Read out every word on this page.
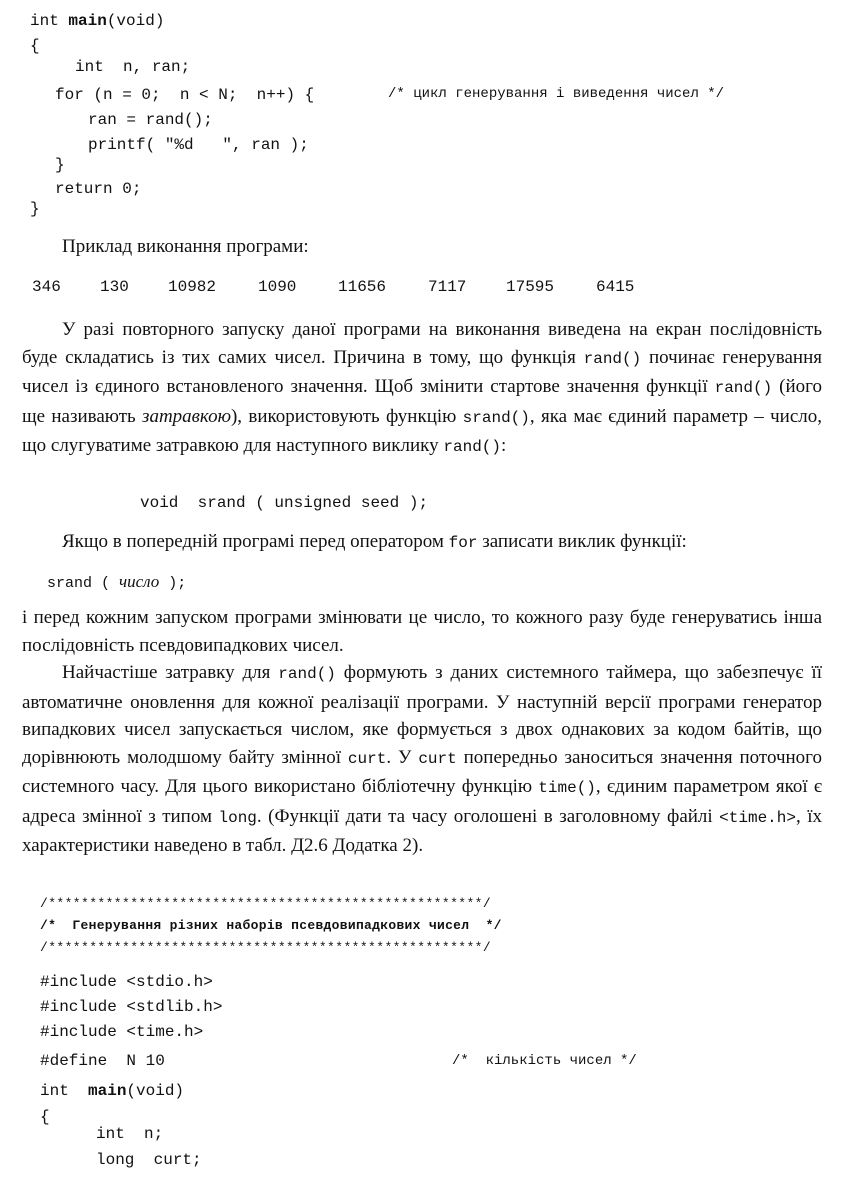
int main(void)
{
int  n, ran;
for (n = 0;  n < N;  n++) {	/* цикл генерування і виведення чисел */
ran = rand();
printf( "%d   ", ran );
}
return 0;
}
Приклад виконання програми:

346

130

10982

	1090

	11656

	7117

17595

	6415

У разі повторного запуску даної програми на виконання виведена на екран послідовність буде складатись із тих самих чисел. Причина в тому, що функція rand() починає генерування чисел із єдиного встановленого значення. Щоб змінити стартове значення функції rand() (його ще називають затравкою), використовують функцію srand(), яка має єдиний параметр – число, що слугуватиме затравкою для наступного виклику rand():
void  srand ( unsigned seed );
Якщо в попередній програмі перед оператором for записати виклик функції:
srand ( число );
і перед кожним запуском програми змінювати це число, то кожного разу буде генеруватись інша послідовність псевдовипадкових чисел.
Найчастіше затравку для rand() формують з даних системного таймера, що забезпечує її автоматичне оновлення для кожної реалізації програми. У наступній версії програми генератор випадкових чисел запускається числом, яке формується з двох однакових за кодом байтів, що дорівнюють молодшому байту змінної curt. У curt попередньо заноситься значення поточного системного часу. Для цього використано бібліотечну функцію time(), єдиним параметром якої є адреса змінної з типом long. (Функції дати та часу оголошені в заголовному файлі <time.h>, їх характеристики наведено в табл. Д2.6 Додатка 2).
/*****************************************************/
/*  Генерування різних наборів псевдовипадкових чисел  */
/*****************************************************/
#include <stdio.h>
#include <stdlib.h>
#include <time.h>
#define  N 10	/*  кількість чисел */
int main(void)
{
int  n;
long  curt;
